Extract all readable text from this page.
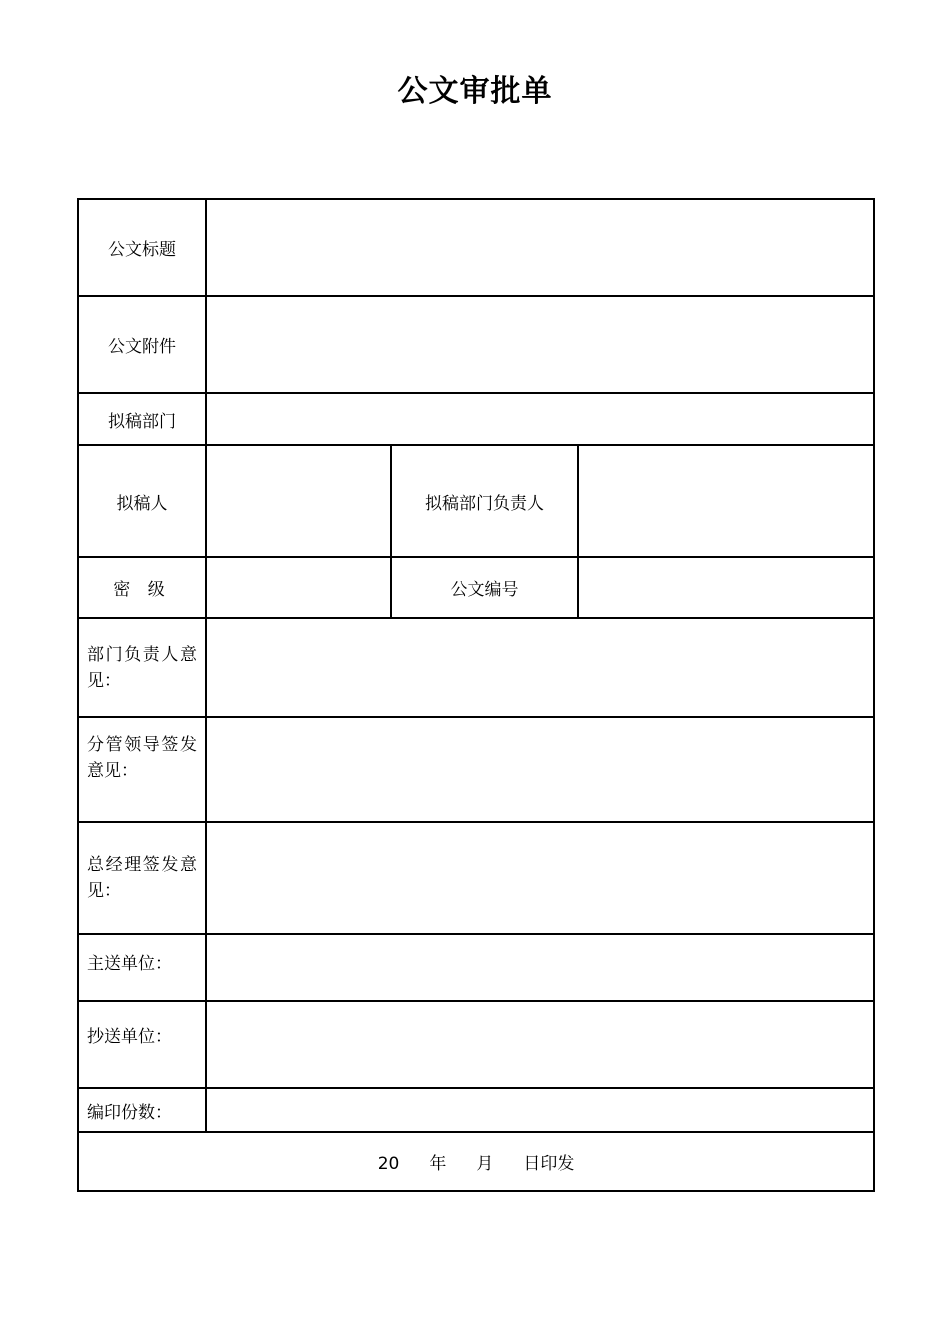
公文审批单
公文标题			
公文附件			
拟稿部门			
拟稿人		拟稿部门负责人	
密 级		公文编号	
部门负责人意见：			
分管领导签发意见：			
总经理签发意见：			
主送单位：			
抄送单位：			
编印份数：			
20 年 月 日印发			
